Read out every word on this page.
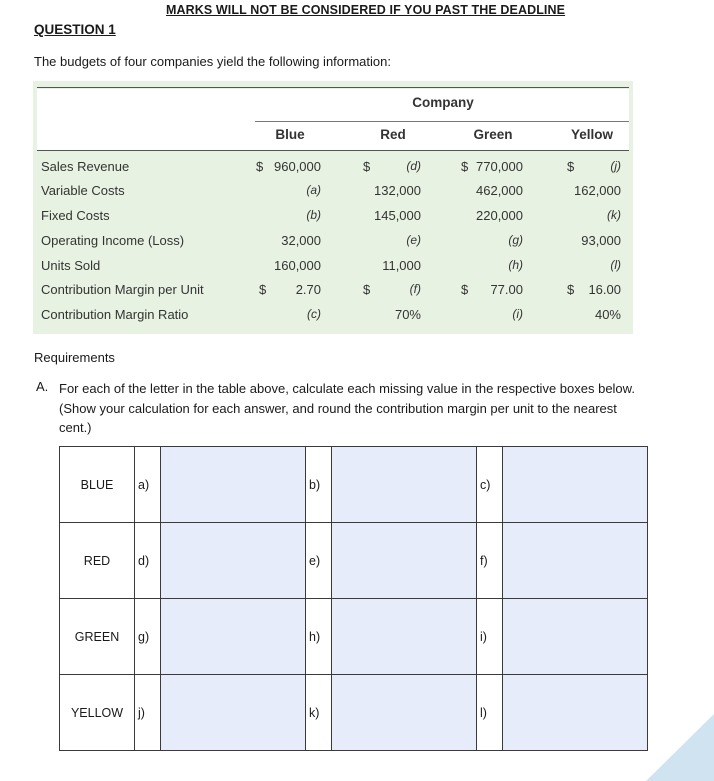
MARKS WILL NOT BE CONSIDERED IF YOU PAST THE DEADLINE
QUESTION 1
The budgets of four companies yield the following information:
Company
Blue	Red	Green	Yellow
Sales Revenue	$ 960,000	$	(d)	$ 770,000	$	(j)
Variable Costs	(a)	132,000	462,000	162,000
Fixed Costs	(b)	145,000	220,000	(k)
Operating Income (Loss)	32,000	(e)	(g)	93,000
Units Sold	160,000	11,000	(h)	(l)
Contribution Margin per Unit	$	2.70	$	(f)	$	77.00	$	16.00
Contribution Margin Ratio	(c)	70%	(i)	40%
Requirements
A. For each of the letter in the table above, calculate each missing value in the respective boxes below. (Show your calculation for each answer, and round the contribution margin per unit to the nearest cent.)
BLUE	a)		b)		c)	
RED	d)		e)		f)	
GREEN	g)		h)		i)	
YELLOW	j)		k)		l)	
